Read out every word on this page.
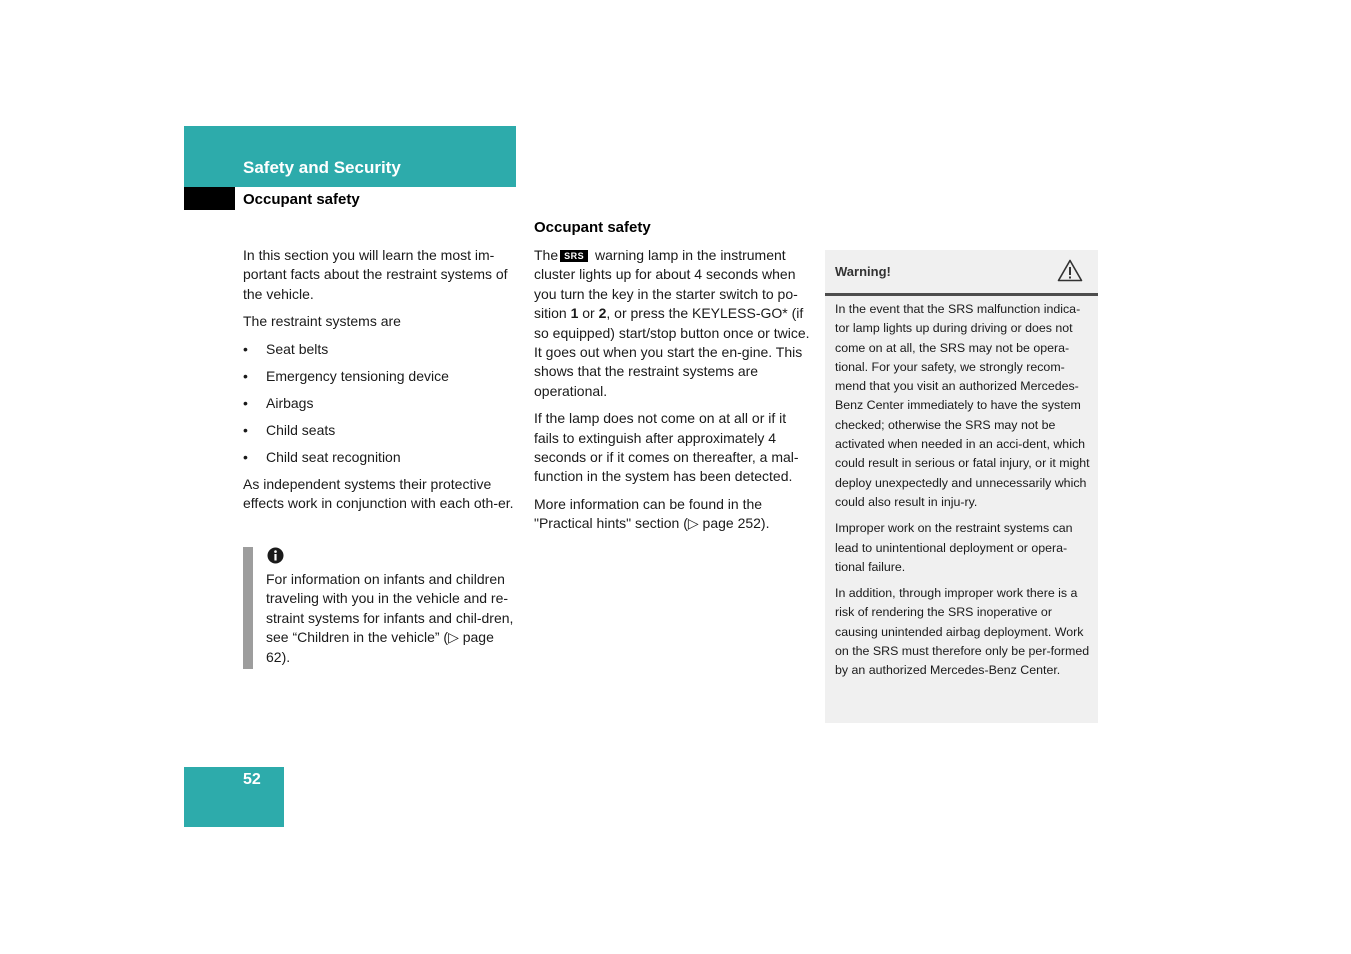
Safety and Security
Occupant safety

In this section you will learn the most im-portant facts about the restraint systems of the vehicle.

The restraint systems are

• Seat belts
• Emergency tensioning device
• Airbags
• Child seats
• Child seat recognition

As independent systems their protective effects work in conjunction with each oth-er.

For information on infants and children traveling with you in the vehicle and re-straint systems for infants and chil-dren, see “Children in the vehicle” (▷ page 62).
Occupant safety

The SRS warning lamp in the instrument cluster lights up for about 4 seconds when you turn the key in the starter switch to po-sition 1 or 2, or press the KEYLESS-GO* (if so equipped) start/stop button once or twice. It goes out when you start the en-gine. This shows that the restraint systems are operational.

If the lamp does not come on at all or if it fails to extinguish after approximately 4 seconds or if it comes on thereafter, a mal-function in the system has been detected.

More information can be found in the "Practical hints" section (▷ page 252).

Warning!

In the event that the SRS malfunction indica-tor lamp lights up during driving or does not come on at all, the SRS may not be opera-tional. For your safety, we strongly recom-mend that you visit an authorized Mercedes-Benz Center immediately to have the system checked; otherwise the SRS may not be activated when needed in an acci-dent, which could result in serious or fatal injury, or it might deploy unexpectedly and unnecessarily which could also result in inju-ry.

Improper work on the restraint systems can lead to unintentional deployment or opera-tional failure.

In addition, through improper work there is a risk of rendering the SRS inoperative or causing unintended airbag deployment. Work on the SRS must therefore only be per-formed by an authorized Mercedes-Benz Center.

52
